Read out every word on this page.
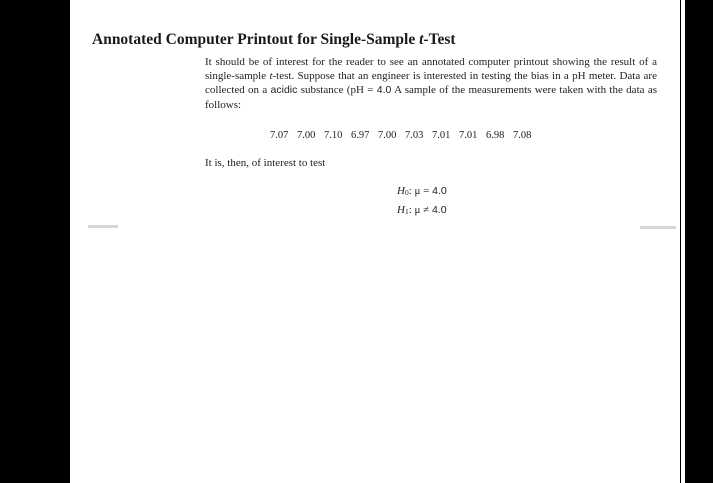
Annotated Computer Printout for Single-Sample t-Test

It should be of interest for the reader to see an annotated computer printout showing the result of a single-sample t-test. Suppose that an engineer is interested in testing the bias in a pH meter. Data are collected on a acidic substance (pH = 4.0 A sample of the measurements were taken with the data as follows:

7.07 7.00 7.10 6.97 7.00 7.03 7.01 7.01 6.98 7.08
It is, then, of interest to test
$H_0$: μ = 4.0
$H_1$: μ ≠ 4.0
